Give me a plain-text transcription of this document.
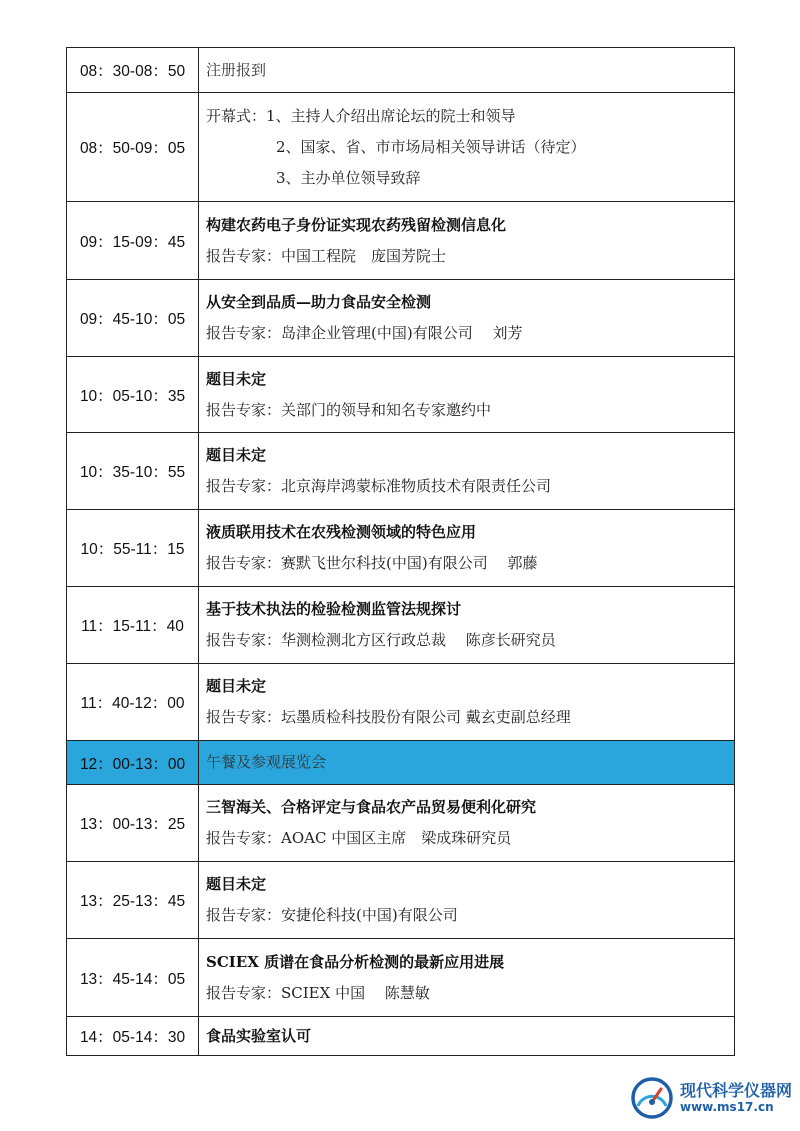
08：30-08：50	注册报到

08：50-09：05	开幕式：1、主持人介绍出席论坛的院士和领导
2、国家、省、市市场局相关领导讲话（待定）
3、主办单位领导致辞

09：15-09：45	构建农药电子身份证实现农药残留检测信息化
报告专家：中国工程院　庞国芳院士

09：45-10：05	从安全到品质—助力食品安全检测
报告专家：岛津企业管理(中国)有限公司　 刘芳

10：05-10：35	题目未定
报告专家：关部门的领导和知名专家邀约中

10：35-10：55	题目未定
报告专家：北京海岸鸿蒙标准物质技术有限责任公司

10：55-11：15	液质联用技术在农残检测领域的特色应用
报告专家：赛默飞世尔科技(中国)有限公司　 郭藤

11：15-11：40	基于技术执法的检验检测监管法规探讨
报告专家：华测检测北方区行政总裁　 陈彦长研究员

11：40-12：00	题目未定
报告专家：坛墨质检科技股份有限公司 戴玄吏副总经理

12：00-13：00	午餐及参观展览会

13：00-13：25	三智海关、合格评定与食品农产品贸易便利化研究
报告专家：AOAC 中国区主席　梁成珠研究员

13：25-13：45	题目未定
报告专家：安捷伦科技(中国)有限公司

13：45-14：05	SCIEX 质谱在食品分析检测的最新应用进展
报告专家：SCIEX 中国　 陈慧敏

14：05-14：30	食品实验室认可
现代科学仪器网
www.ms17.cn
